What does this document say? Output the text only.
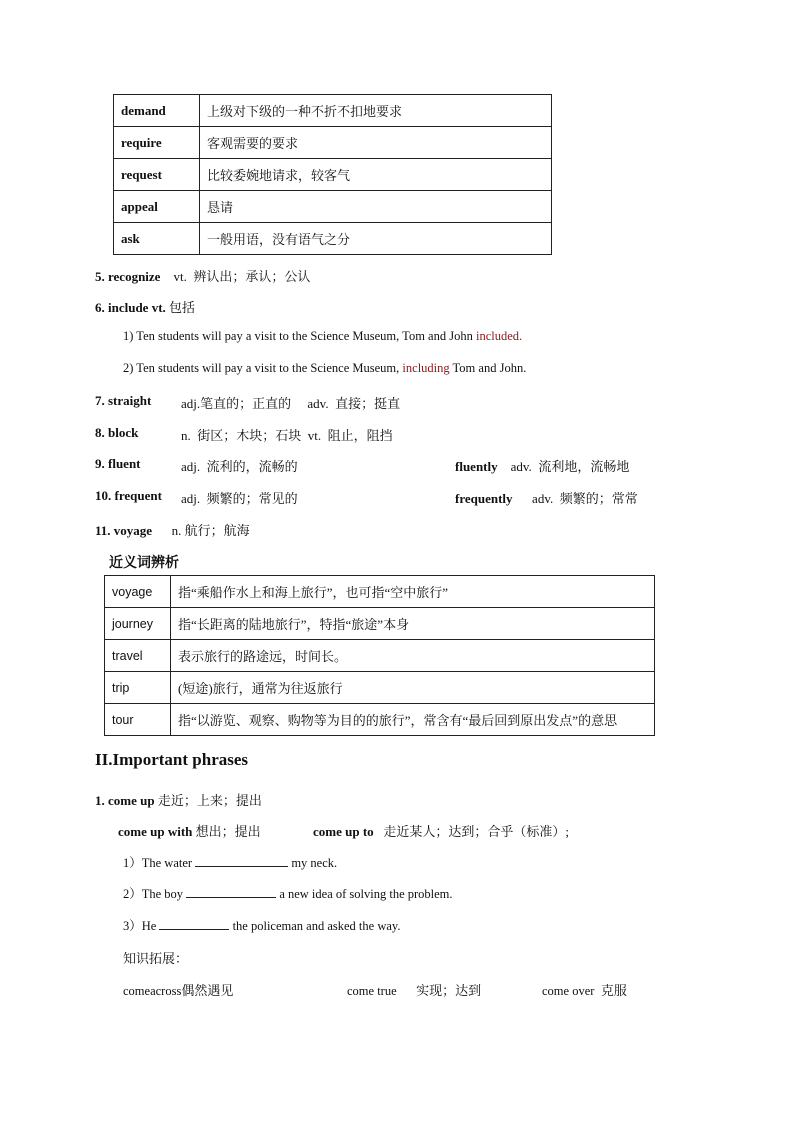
demand	上级对下级的一种不折不扣地要求
require	客观需要的要求
request	比较委婉地请求，较客气
appeal	恳请
ask	一般用语，没有语气之分
5. recognize vt. 辨认出；承认；公认
6. include vt. 包括
1) Ten students will pay a visit to the Science Museum, Tom and John included.
2) Ten students will pay a visit to the Science Museum, including Tom and John.
7. straight adj.笔直的；正直的 adv. 直接；挺直
8. block	n. 街区；木块；石块 vt. 阻止，阻挡
9. fluent	adj. 流利的，流畅的	fluently adv. 流利地，流畅地
10. frequent adj. 频繁的；常见的	frequently adv. 频繁的；常常
11. voyage n. 航行；航海
近义词辨析
voyage	指“乘船作水上和海上旅行”，也可指“空中旅行”
journey	指“长距离的陆地旅行”，特指“旅途”本身
travel	表示旅行的路途远，时间长。
trip	(短途)旅行，通常为往返旅行
tour	指“以游览、观察、购物等为目的的旅行”，常含有“最后回到原出发点”的意思
II.Important phrases
1. come up 走近；上来；提出
come up with 想出；提出	come up to 走近某人；达到；合乎（标准）;
1）The water	my neck.
2）The boy	a new idea of solving the problem.
3）He	the policeman and asked the way.
知识拓展：
comeacross偶然遇见	come true 实现；达到	come over 克服
